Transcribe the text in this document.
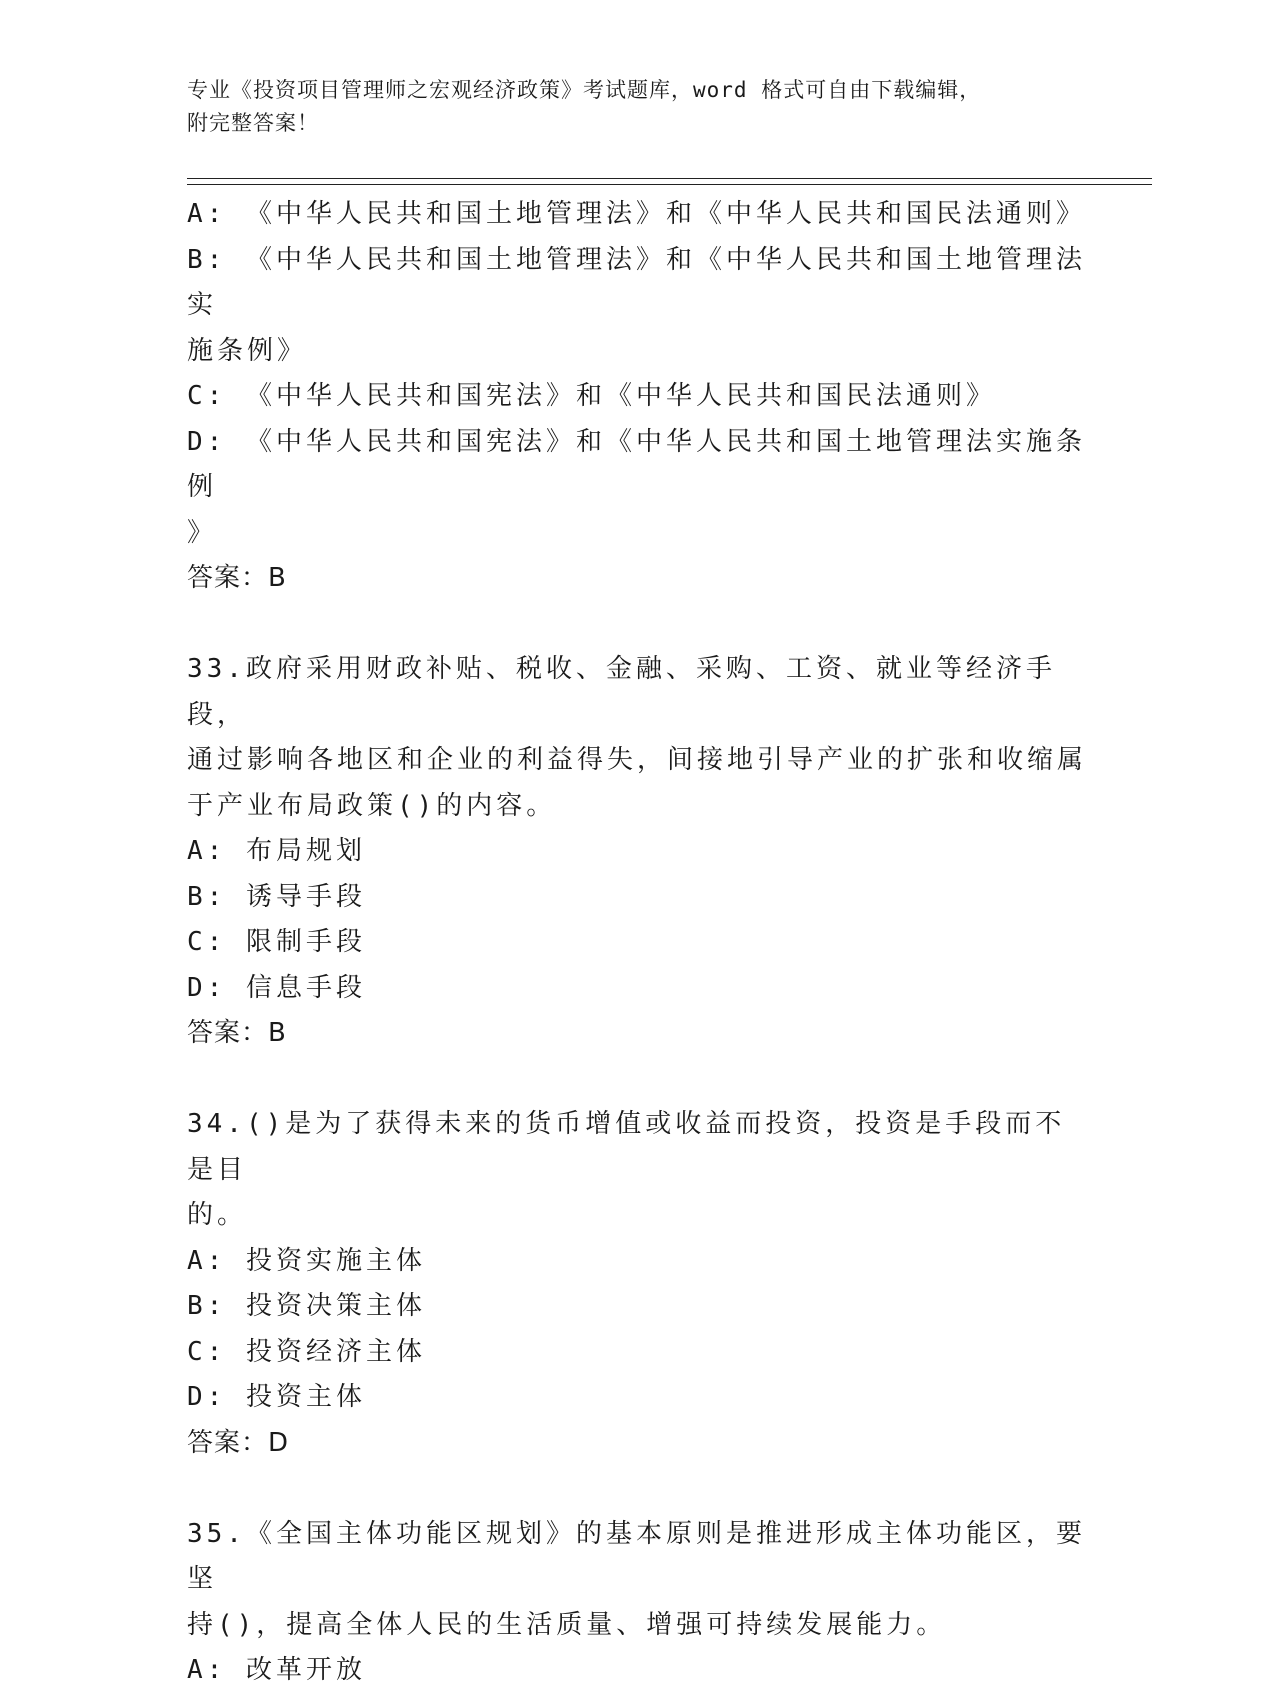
专业《投资项目管理师之宏观经济政策》考试题库，word 格式可自由下载编辑，
附完整答案！
A: 《中华人民共和国土地管理法》和《中华人民共和国民法通则》
B: 《中华人民共和国土地管理法》和《中华人民共和国土地管理法实
施条例》
C: 《中华人民共和国宪法》和《中华人民共和国民法通则》
D: 《中华人民共和国宪法》和《中华人民共和国土地管理法实施条例
》
答案：B
33.政府采用财政补贴、税收、金融、采购、工资、就业等经济手段，
通过影响各地区和企业的利益得失，间接地引导产业的扩张和收缩属
于产业布局政策()的内容。
A: 布局规划
B: 诱导手段
C: 限制手段
D: 信息手段
答案：B
34.()是为了获得未来的货币增值或收益而投资，投资是手段而不是目
的。
A: 投资实施主体
B: 投资决策主体
C: 投资经济主体
D: 投资主体
答案：D
35.《全国主体功能区规划》的基本原则是推进形成主体功能区，要坚
持()，提高全体人民的生活质量、增强可持续发展能力。
A: 改革开放
